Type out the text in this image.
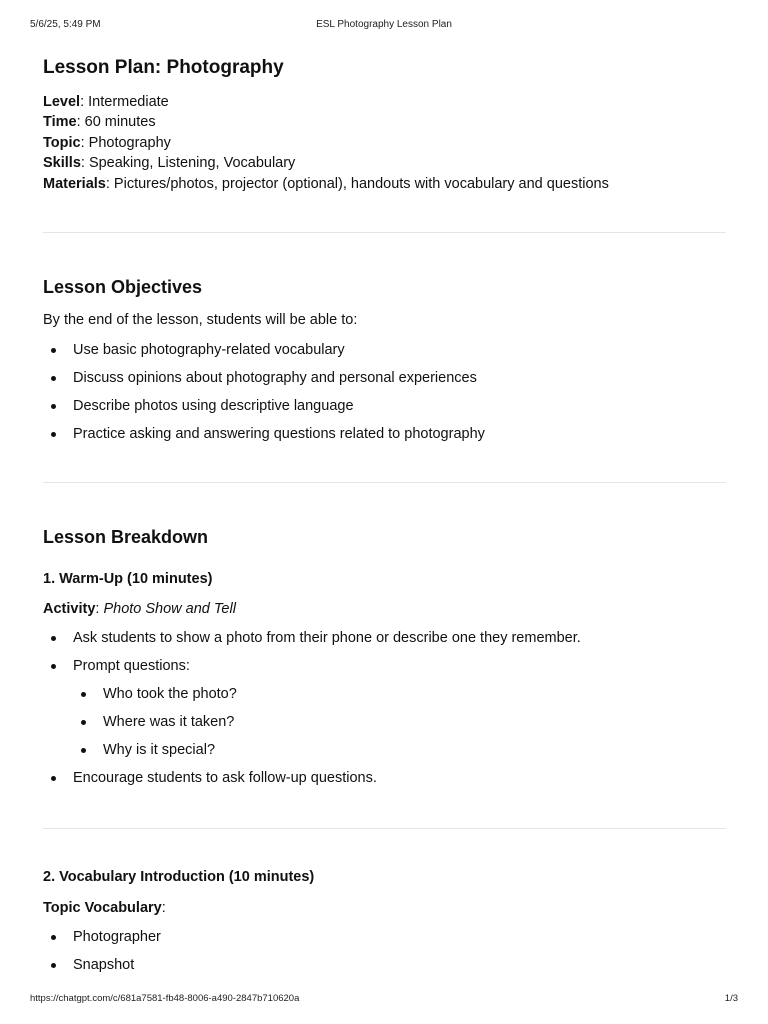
5/6/25, 5:49 PM	ESL Photography Lesson Plan
Lesson Plan: Photography
Level: Intermediate
Time: 60 minutes
Topic: Photography
Skills: Speaking, Listening, Vocabulary
Materials: Pictures/photos, projector (optional), handouts with vocabulary and questions
Lesson Objectives
By the end of the lesson, students will be able to:
Use basic photography-related vocabulary
Discuss opinions about photography and personal experiences
Describe photos using descriptive language
Practice asking and answering questions related to photography
Lesson Breakdown
1. Warm-Up (10 minutes)
Activity: Photo Show and Tell
Ask students to show a photo from their phone or describe one they remember.
Prompt questions:
Who took the photo?
Where was it taken?
Why is it special?
Encourage students to ask follow-up questions.
2. Vocabulary Introduction (10 minutes)
Topic Vocabulary:
Photographer
Snapshot
https://chatgpt.com/c/681a7581-fb48-8006-a490-2847b710620a	1/3
